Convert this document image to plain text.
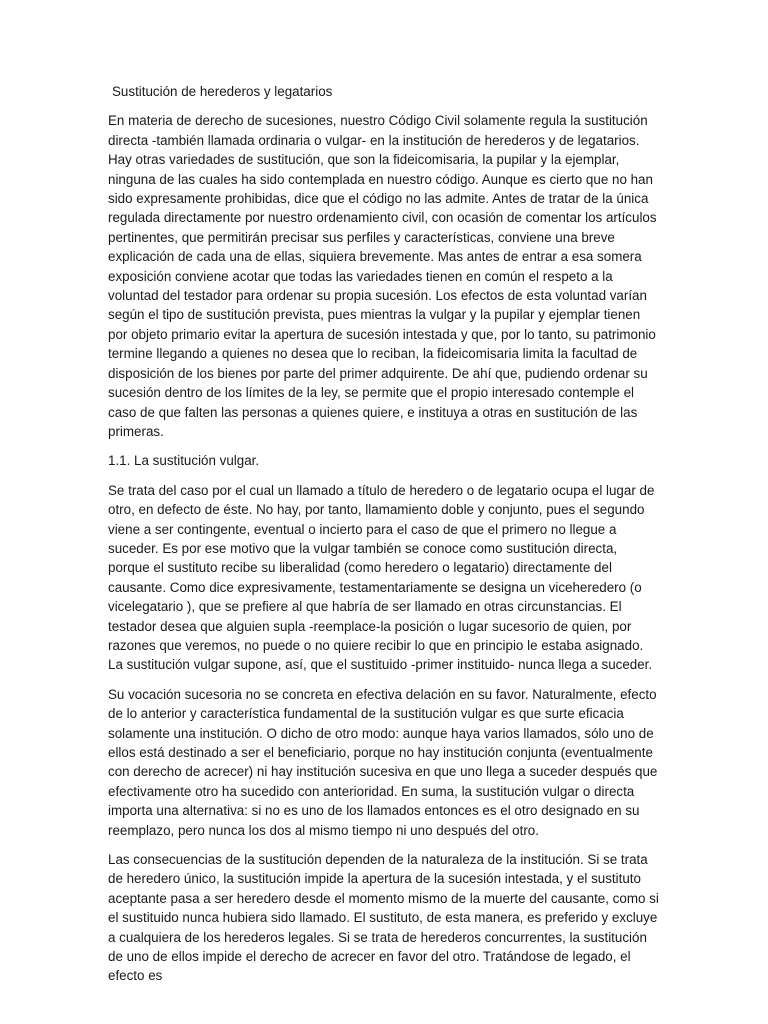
Sustitución de herederos y legatarios

En materia de derecho de sucesiones, nuestro Código Civil solamente regula la sustitución directa -también llamada ordinaria o vulgar- en la institución de herederos y de legatarios. Hay otras variedades de sustitución, que son la fideicomisaria, la pupilar y la ejemplar, ninguna de las cuales ha sido contemplada en nuestro código. Aunque es cierto que no han sido expresamente prohibidas, dice que el código no las admite. Antes de tratar de la única regulada directamente por nuestro ordenamiento civil, con ocasión de comentar los artículos pertinentes, que permitirán precisar sus perfiles y características, conviene una breve explicación de cada una de ellas, siquiera brevemente. Mas antes de entrar a esa somera exposición conviene acotar que todas las variedades tienen en común el respeto a la voluntad del testador para ordenar su propia sucesión. Los efectos de esta voluntad varían según el tipo de sustitución prevista, pues mientras la vulgar y la pupilar y ejemplar tienen por objeto primario evitar la apertura de sucesión intestada y que, por lo tanto, su patrimonio termine llegando a quienes no desea que lo reciban, la fideicomisaria limita la facultad de disposición de los bienes por parte del primer adquirente. De ahí que, pudiendo ordenar su sucesión dentro de los límites de la ley, se permite que el propio interesado contemple el caso de que falten las personas a quienes quiere, e instituya a otras en sustitución de las primeras.

1.1. La sustitución vulgar.

Se trata del caso por el cual un llamado a título de heredero o de legatario ocupa el lugar de otro, en defecto de éste. No hay, por tanto, llamamiento doble y conjunto, pues el segundo viene a ser contingente, eventual o incierto para el caso de que el primero no llegue a suceder. Es por ese motivo que la vulgar también se conoce como sustitución directa, porque el sustituto recibe su liberalidad (como heredero o legatario) directamente del causante. Como dice expresivamente, testamentariamente se designa un viceheredero (o vicelegatario ), que se prefiere al que habría de ser llamado en otras circunstancias. El testador desea que alguien supla -reemplace-la posición o lugar sucesorio de quien, por razones que veremos, no puede o no quiere recibir lo que en principio le estaba asignado. La sustitución vulgar supone, así, que el sustituido -primer instituido- nunca llega a suceder.

Su vocación sucesoria no se concreta en efectiva delación en su favor. Naturalmente, efecto de lo anterior y característica fundamental de la sustitución vulgar es que surte eficacia solamente una institución. O dicho de otro modo: aunque haya varios llamados, sólo uno de ellos está destinado a ser el beneficiario, porque no hay institución conjunta (eventualmente con derecho de acrecer) ni hay institución sucesiva en que uno llega a suceder después que efectivamente otro ha sucedido con anterioridad. En suma, la sustitución vulgar o directa importa una alternativa: si no es uno de los llamados entonces es el otro designado en su reemplazo, pero nunca los dos al mismo tiempo ni uno después del otro.

Las consecuencias de la sustitución dependen de la naturaleza de la institución. Si se trata de heredero único, la sustitución impide la apertura de la sucesión intestada, y el sustituto aceptante pasa a ser heredero desde el momento mismo de la muerte del causante, como si el sustituido nunca hubiera sido llamado. El sustituto, de esta manera, es preferido y excluye a cualquiera de los herederos legales. Si se trata de herederos concurrentes, la sustitución de uno de ellos impide el derecho de acrecer en favor del otro. Tratándose de legado, el efecto es
